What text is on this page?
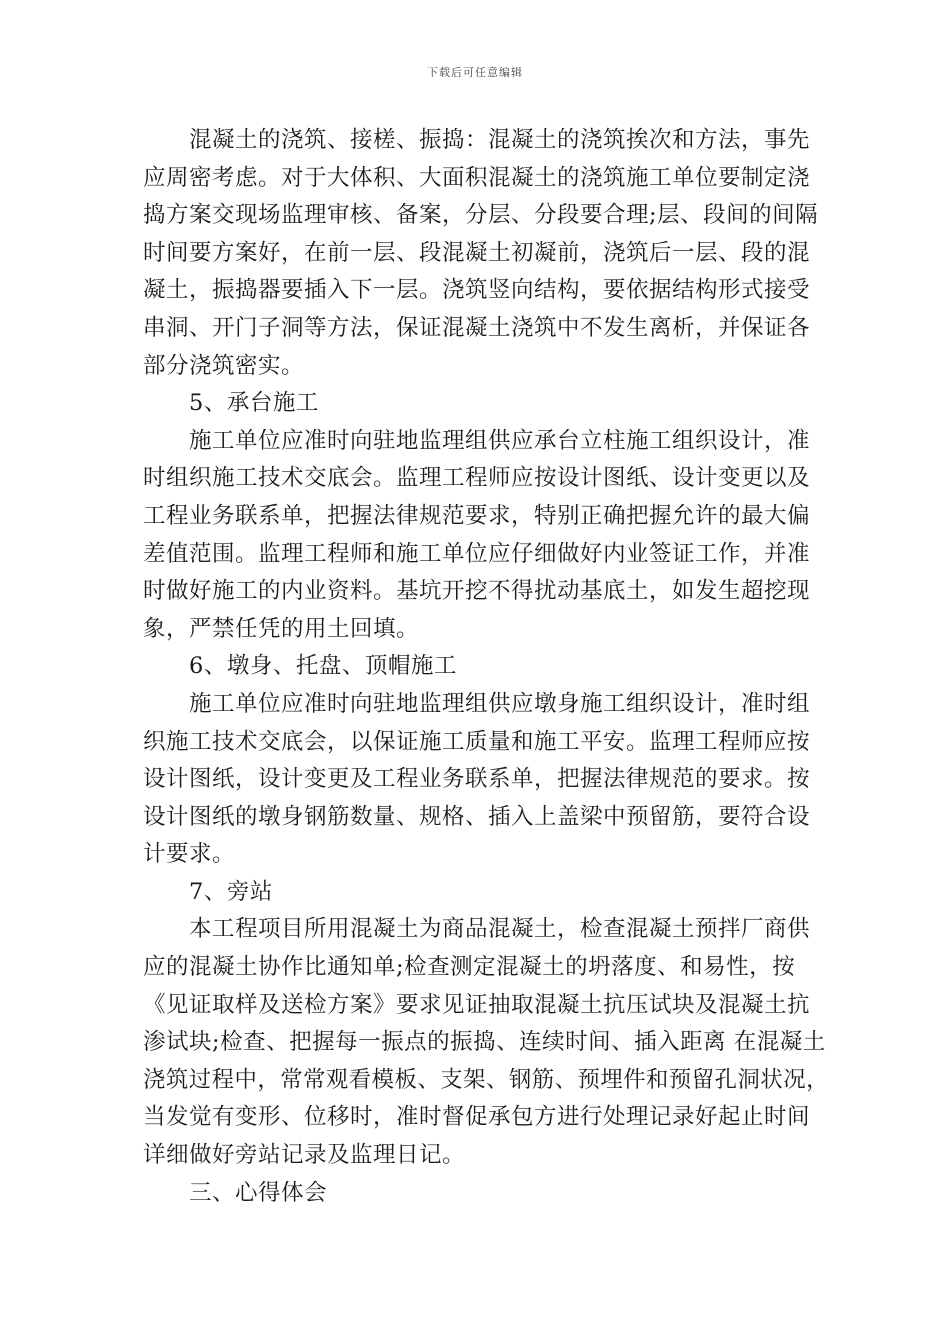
下载后可任意编辑
混凝土的浇筑、接槎、振捣：混凝土的浇筑挨次和方法，事先
应周密考虑。对于大体积、大面积混凝土的浇筑施工单位要制定浇
捣方案交现场监理审核、备案，分层、分段要合理;层、段间的间隔
时间要方案好，在前一层、段混凝土初凝前，浇筑后一层、段的混
凝土，振捣器要插入下一层。浇筑竖向结构，要依据结构形式接受
串洞、开门子洞等方法，保证混凝土浇筑中不发生离析，并保证各
部分浇筑密实。
5、承台施工
施工单位应准时向驻地监理组供应承台立柱施工组织设计，准
时组织施工技术交底会。监理工程师应按设计图纸、设计变更以及
工程业务联系单，把握法律规范要求，特别正确把握允许的最大偏
差值范围。监理工程师和施工单位应仔细做好内业签证工作，并准
时做好施工的内业资料。基坑开挖不得扰动基底土，如发生超挖现
象，严禁任凭的用土回填。
6、墩身、托盘、顶帽施工
施工单位应准时向驻地监理组供应墩身施工组织设计，准时组
织施工技术交底会，以保证施工质量和施工平安。监理工程师应按
设计图纸，设计变更及工程业务联系单，把握法律规范的要求。按
设计图纸的墩身钢筋数量、规格、插入上盖梁中预留筋，要符合设
计要求。
7、旁站
本工程项目所用混凝土为商品混凝土，检查混凝土预拌厂商供
应的混凝土协作比通知单;检查测定混凝土的坍落度、和易性，按
《见证取样及送检方案》要求见证抽取混凝土抗压试块及混凝土抗
渗试块;检查、把握每一振点的振捣、连续时间、插入距离 在混凝土
浇筑过程中，常常观看模板、支架、钢筋、预埋件和预留孔洞状况，
当发觉有变形、位移时，准时督促承包方进行处理记录好起止时间
详细做好旁站记录及监理日记。
三、心得体会
